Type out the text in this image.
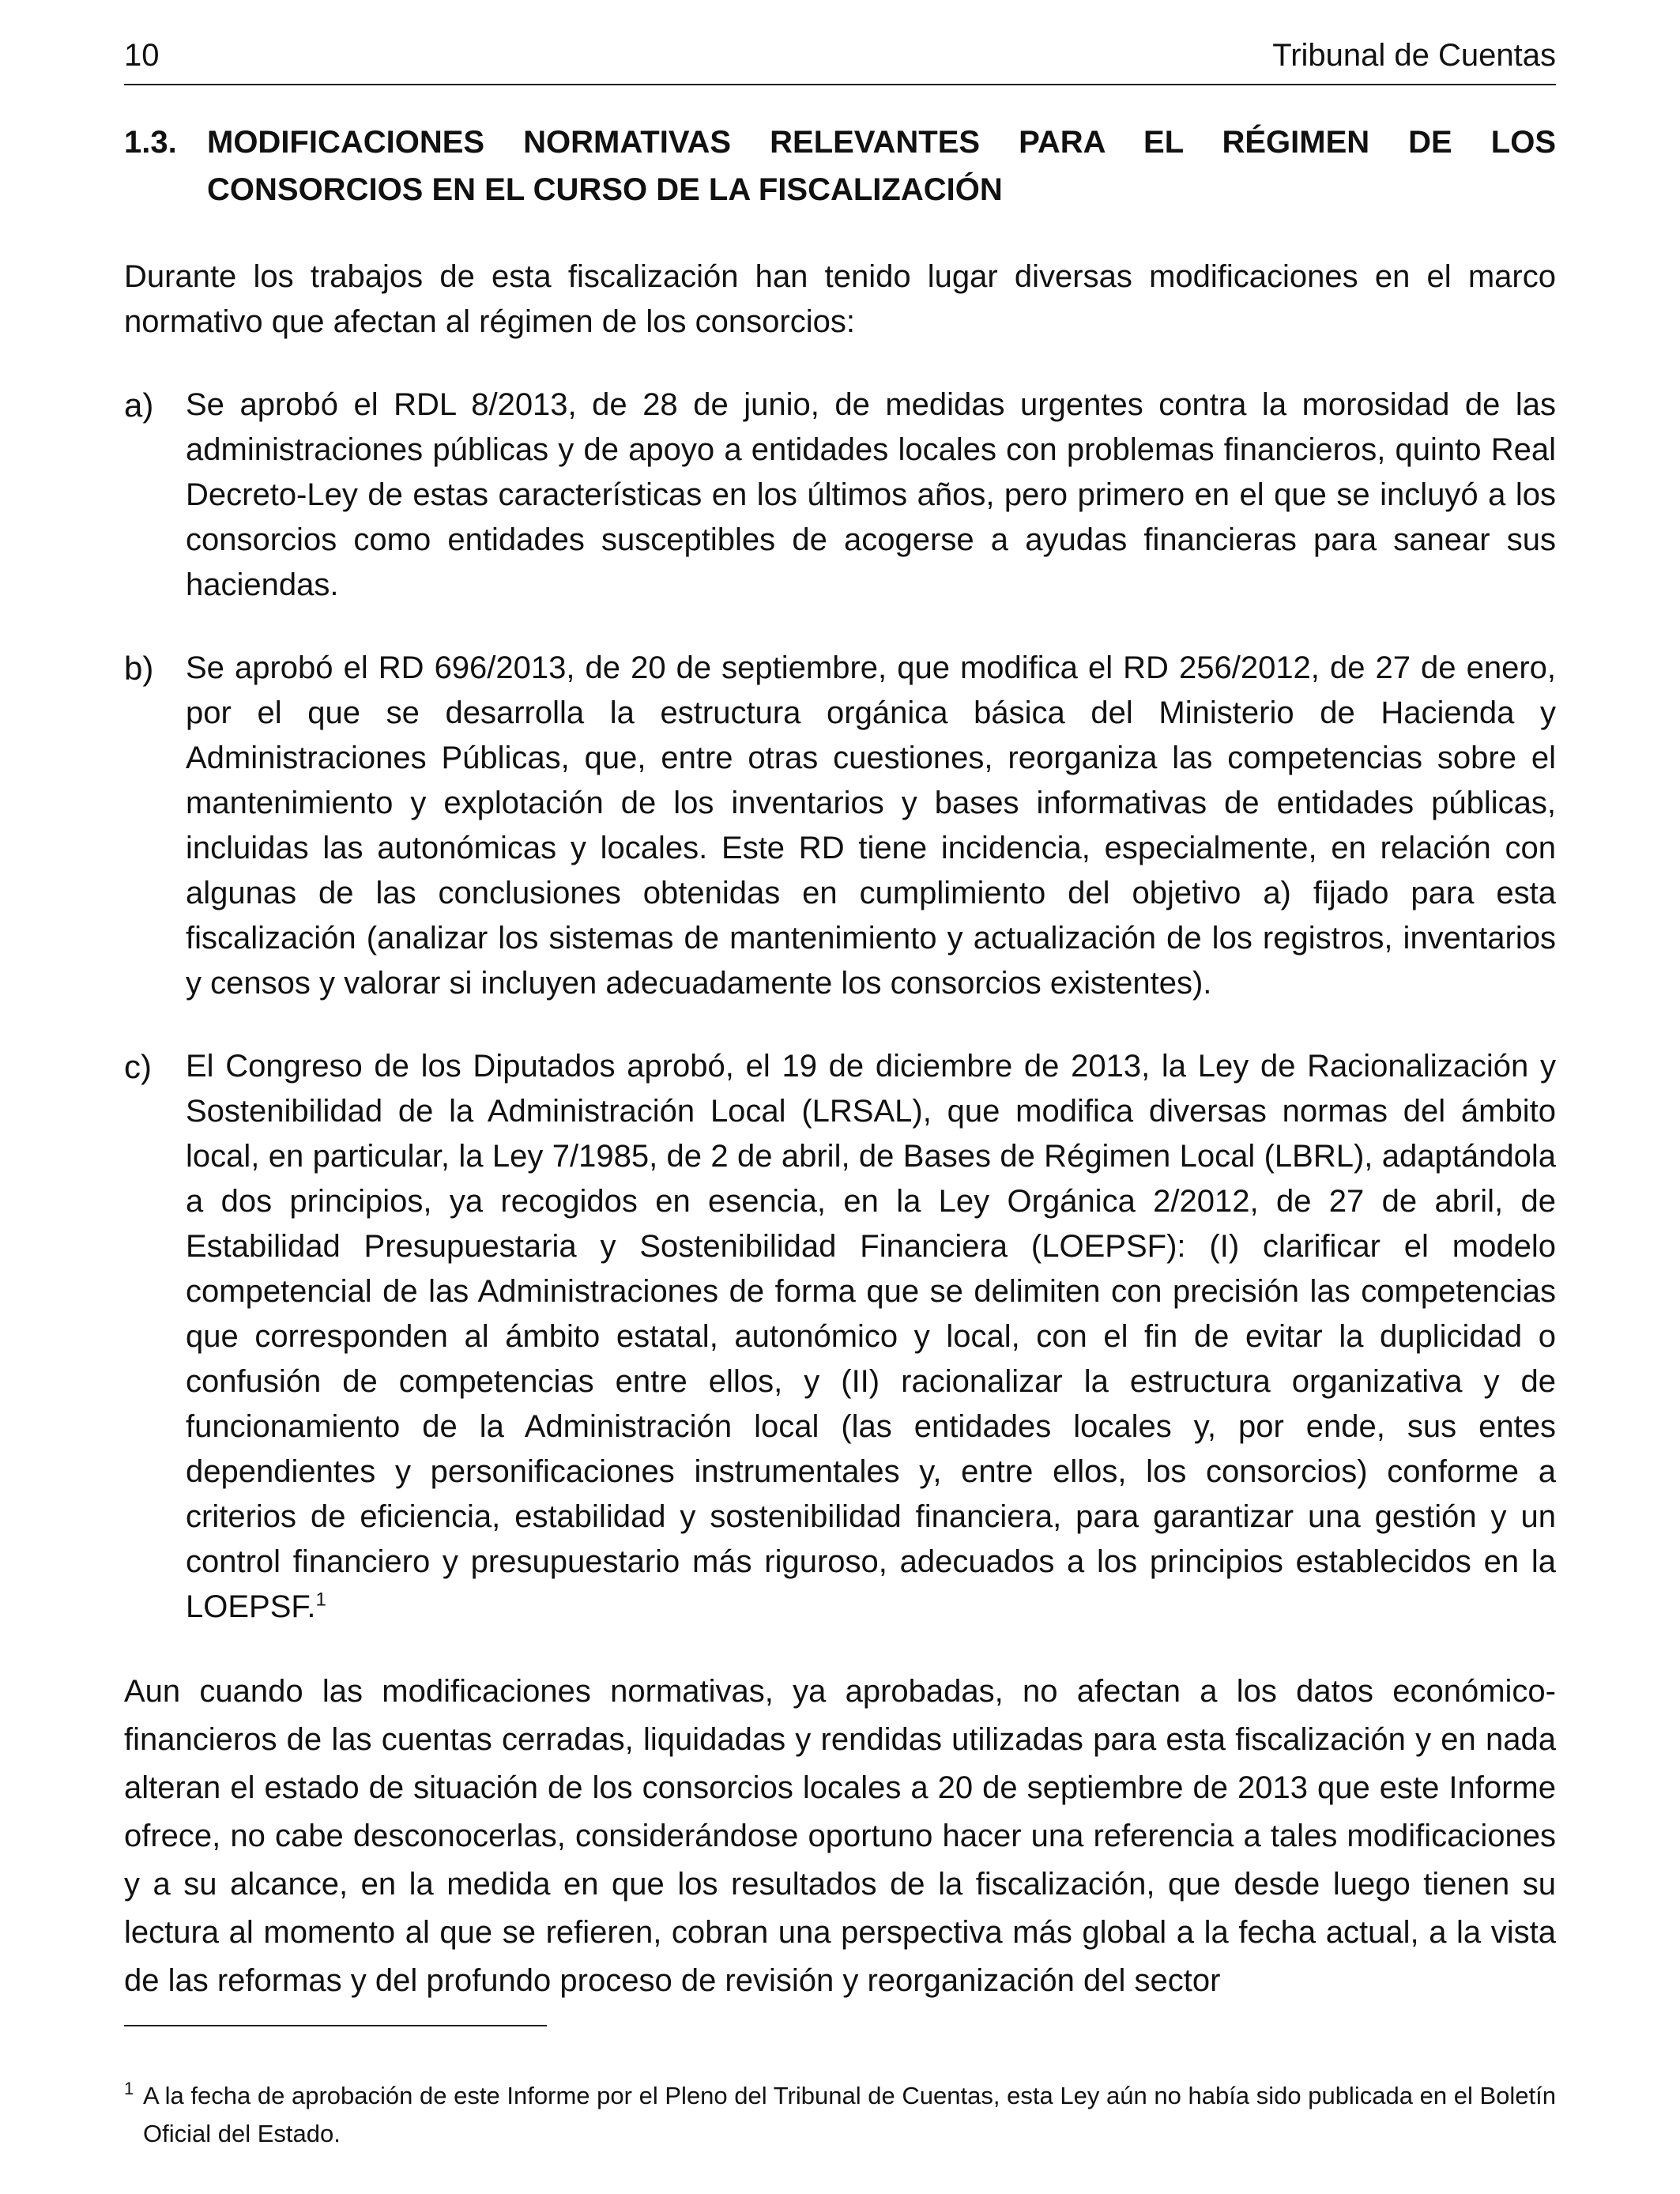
10	Tribunal de Cuentas
1.3. MODIFICACIONES NORMATIVAS RELEVANTES PARA EL RÉGIMEN DE LOS CONSORCIOS EN EL CURSO DE LA FISCALIZACIÓN

Durante los trabajos de esta fiscalización han tenido lugar diversas modificaciones en el marco normativo que afectan al régimen de los consorcios:

a)	Se aprobó el RDL 8/2013, de 28 de junio, de medidas urgentes contra la morosidad de las administraciones públicas y de apoyo a entidades locales con problemas financieros, quinto Real Decreto-Ley de estas características en los últimos años, pero primero en el que se incluyó a los consorcios como entidades susceptibles de acogerse a ayudas financieras para sanear sus haciendas.

b)	Se aprobó el RD 696/2013, de 20 de septiembre, que modifica el RD 256/2012, de 27 de enero, por el que se desarrolla la estructura orgánica básica del Ministerio de Hacienda y Administraciones Públicas, que, entre otras cuestiones, reorganiza las competencias sobre el mantenimiento y explotación de los inventarios y bases informativas de entidades públicas, incluidas las autonómicas y locales. Este RD tiene incidencia, especialmente, en relación con algunas de las conclusiones obtenidas en cumplimiento del objetivo a) fijado para esta fiscalización (analizar los sistemas de mantenimiento y actualización de los registros, inventarios y censos y valorar si incluyen adecuadamente los consorcios existentes).

c)	El Congreso de los Diputados aprobó, el 19 de diciembre de 2013, la Ley de Racionalización y Sostenibilidad de la Administración Local (LRSAL), que modifica diversas normas del ámbito local, en particular, la Ley 7/1985, de 2 de abril, de Bases de Régimen Local (LBRL), adaptándola a dos principios, ya recogidos en esencia, en la Ley Orgánica 2/2012, de 27 de abril, de Estabilidad Presupuestaria y Sostenibilidad Financiera (LOEPSF): (I) clarificar el modelo competencial de las Administraciones de forma que se delimiten con precisión las competencias que corresponden al ámbito estatal, autonómico y local, con el fin de evitar la duplicidad o confusión de competencias entre ellos, y (II) racionalizar la estructura organizativa y de funcionamiento de la Administración local (las entidades locales y, por ende, sus entes dependientes y personificaciones instrumentales y, entre ellos, los consorcios) conforme a criterios de eficiencia, estabilidad y sostenibilidad financiera, para garantizar una gestión y un control financiero y presupuestario más riguroso, adecuados a los principios establecidos en la LOEPSF.$^1$

Aun cuando las modificaciones normativas, ya aprobadas, no afectan a los datos económico-financieros de las cuentas cerradas, liquidadas y rendidas utilizadas para esta fiscalización y en nada alteran el estado de situación de los consorcios locales a 20 de septiembre de 2013 que este Informe ofrece, no cabe desconocerlas, considerándose oportuno hacer una referencia a tales modificaciones y a su alcance, en la medida en que los resultados de la fiscalización, que desde luego tienen su lectura al momento al que se refieren, cobran una perspectiva más global a la fecha actual, a la vista de las reformas y del profundo proceso de revisión y reorganización del sector

1 A la fecha de aprobación de este Informe por el Pleno del Tribunal de Cuentas, esta Ley aún no había sido publicada en el Boletín Oficial del Estado.
